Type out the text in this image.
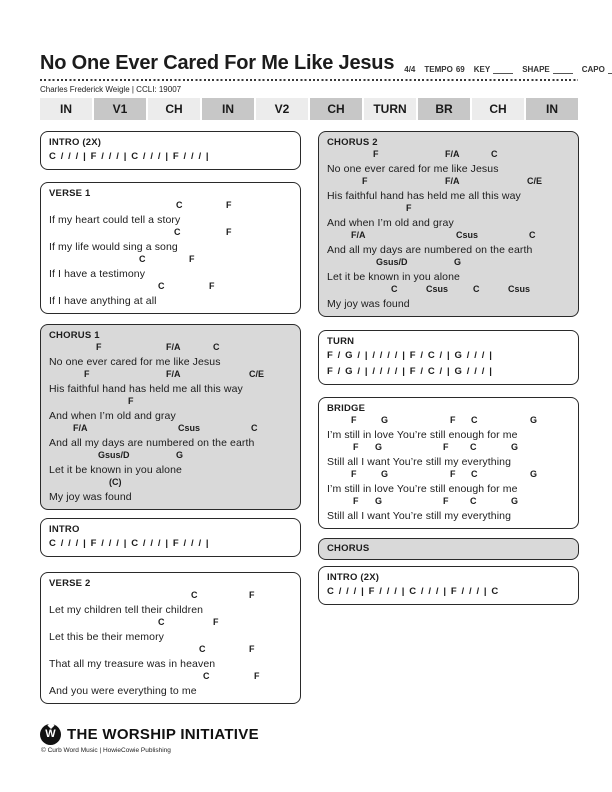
No One Ever Cared For Me Like Jesus 4/4 TEMPO 69 KEY	SHAPE	CAPO
Charles Frederick Weigle | CCLI: 19007
IN	V1	CH	IN	V2	CH	TURN	BR	CH	IN
INTRO (2X)
C / / / | F / / / | C / / / | F / / / |
VERSE 1
C	F
If my heart could tell a story
C	F
If my life would sing a song
C	F
If I have a testimony
C	F
If I have anything at all
CHORUS 1
F	F/A	C
No one ever cared for me like Jesus
F	F/A	C/E
His faithful hand has held me all this way
F
And when I’m old and gray
F/A	Csus	C
And all my days are numbered on the earth
Gsus/D	G
Let it be known in you alone
(C)
My joy was found
INTRO
C / / / | F / / / | C / / / | F / / / |
VERSE 2
C	F
Let my children tell their children
C	F
Let this be their memory
C	F
That all my treasure was in heaven
C	F
And you were everything to me
CHORUS 2
F	F/A	C
No one ever cared for me like Jesus
F	F/A	C/E
His faithful hand has held me all this way
F
And when I’m old and gray
F/A	Csus	C
And all my days are numbered on the earth
Gsus/D	G
Let it be known in you alone
C	Csus	C	Csus
My joy was found
TURN
F / G / | / / / / | F / C / | G / / / |
F / G / | / / / / | F / C / | G / / / |
BRIDGE
F	G	F C	G
I’m still in love You’re still enough for me
F G	F C	G
Still all I want You’re still my everything
F	G	F C	G
I’m still in love You’re still enough for me
F G	F C	G
Still all I want You’re still my everything
CHORUS
INTRO (2X)
C / / / | F / / / | C / / / | F / / / | C
W THE WORSHIP INITIATIVE
© Curb Word Music | HowieCowie Publishing
